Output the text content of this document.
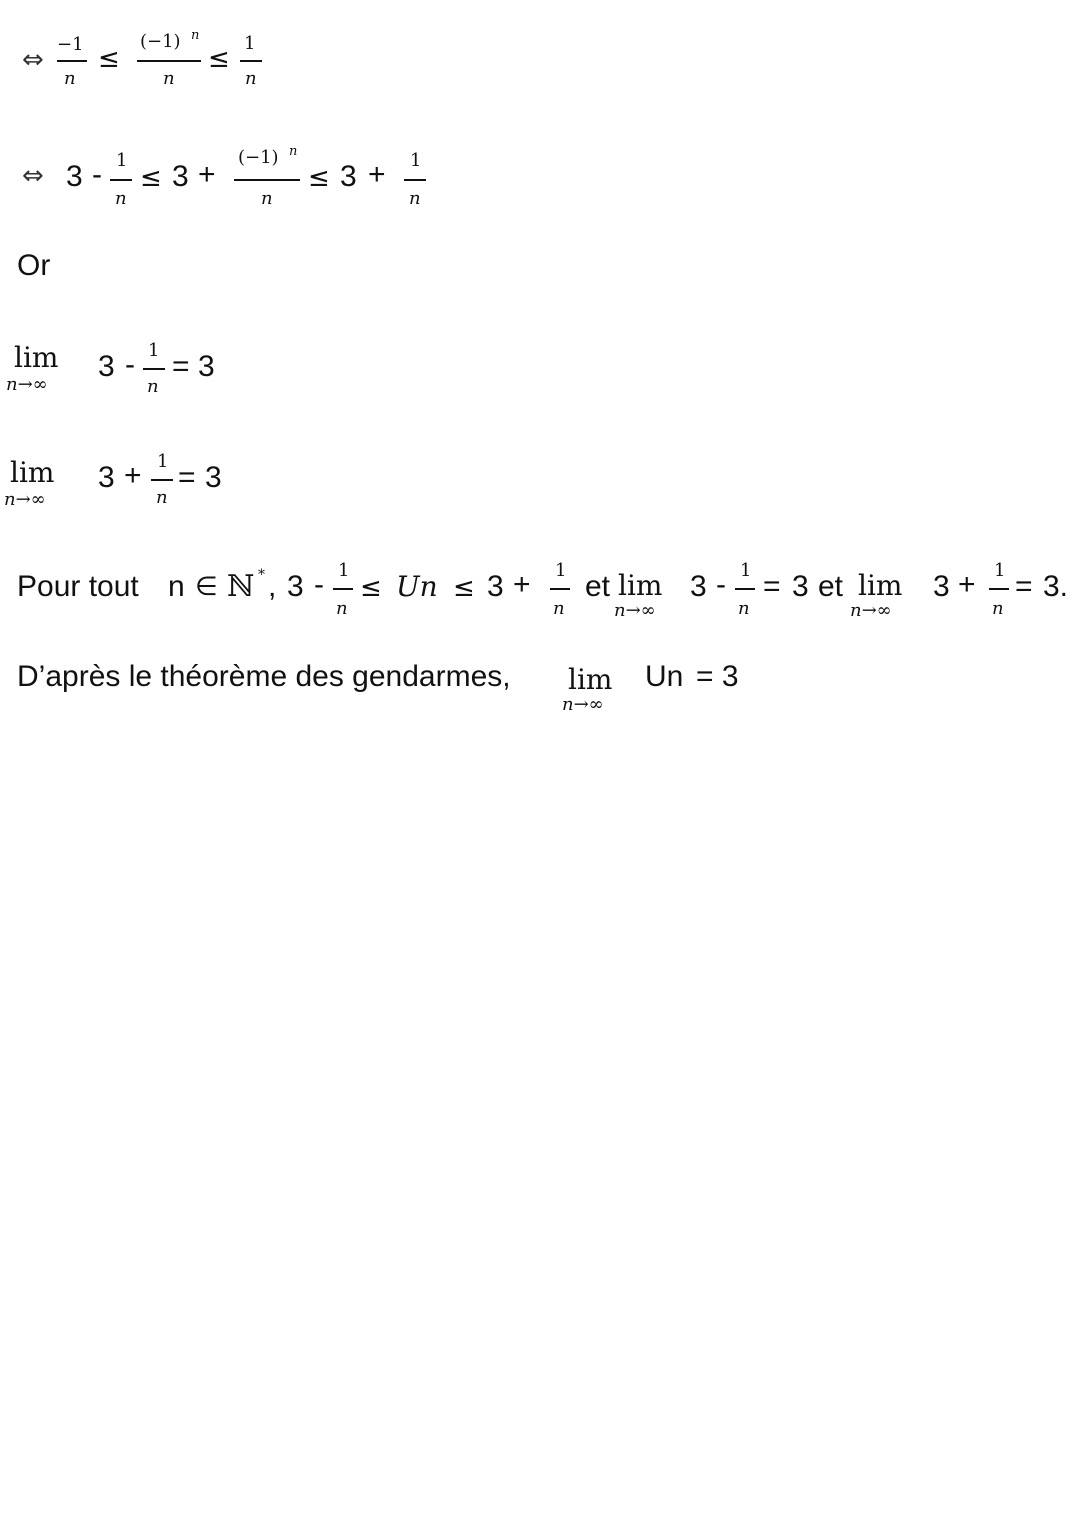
⇔
−1
n
≤
(−1) n
n
≤
1
n
⇔ 3 - 1
n
≤ 3 +
(−1) n
n
≤ 3 + 1
n
Or
lim
n→∞
3 - 1
n
= 3
lim
n→∞
3 + 1
n
= 3
Pour tout n ∈ ℕ * , 3 - 1
n
≤ Un ≤ 3 + 1
n
et lim
n→∞
3 - 1
n
= 3 et lim
n→∞
3 + 1
n
= 3.
D’après le théorème des gendarmes, lim
n→∞
Un = 3
